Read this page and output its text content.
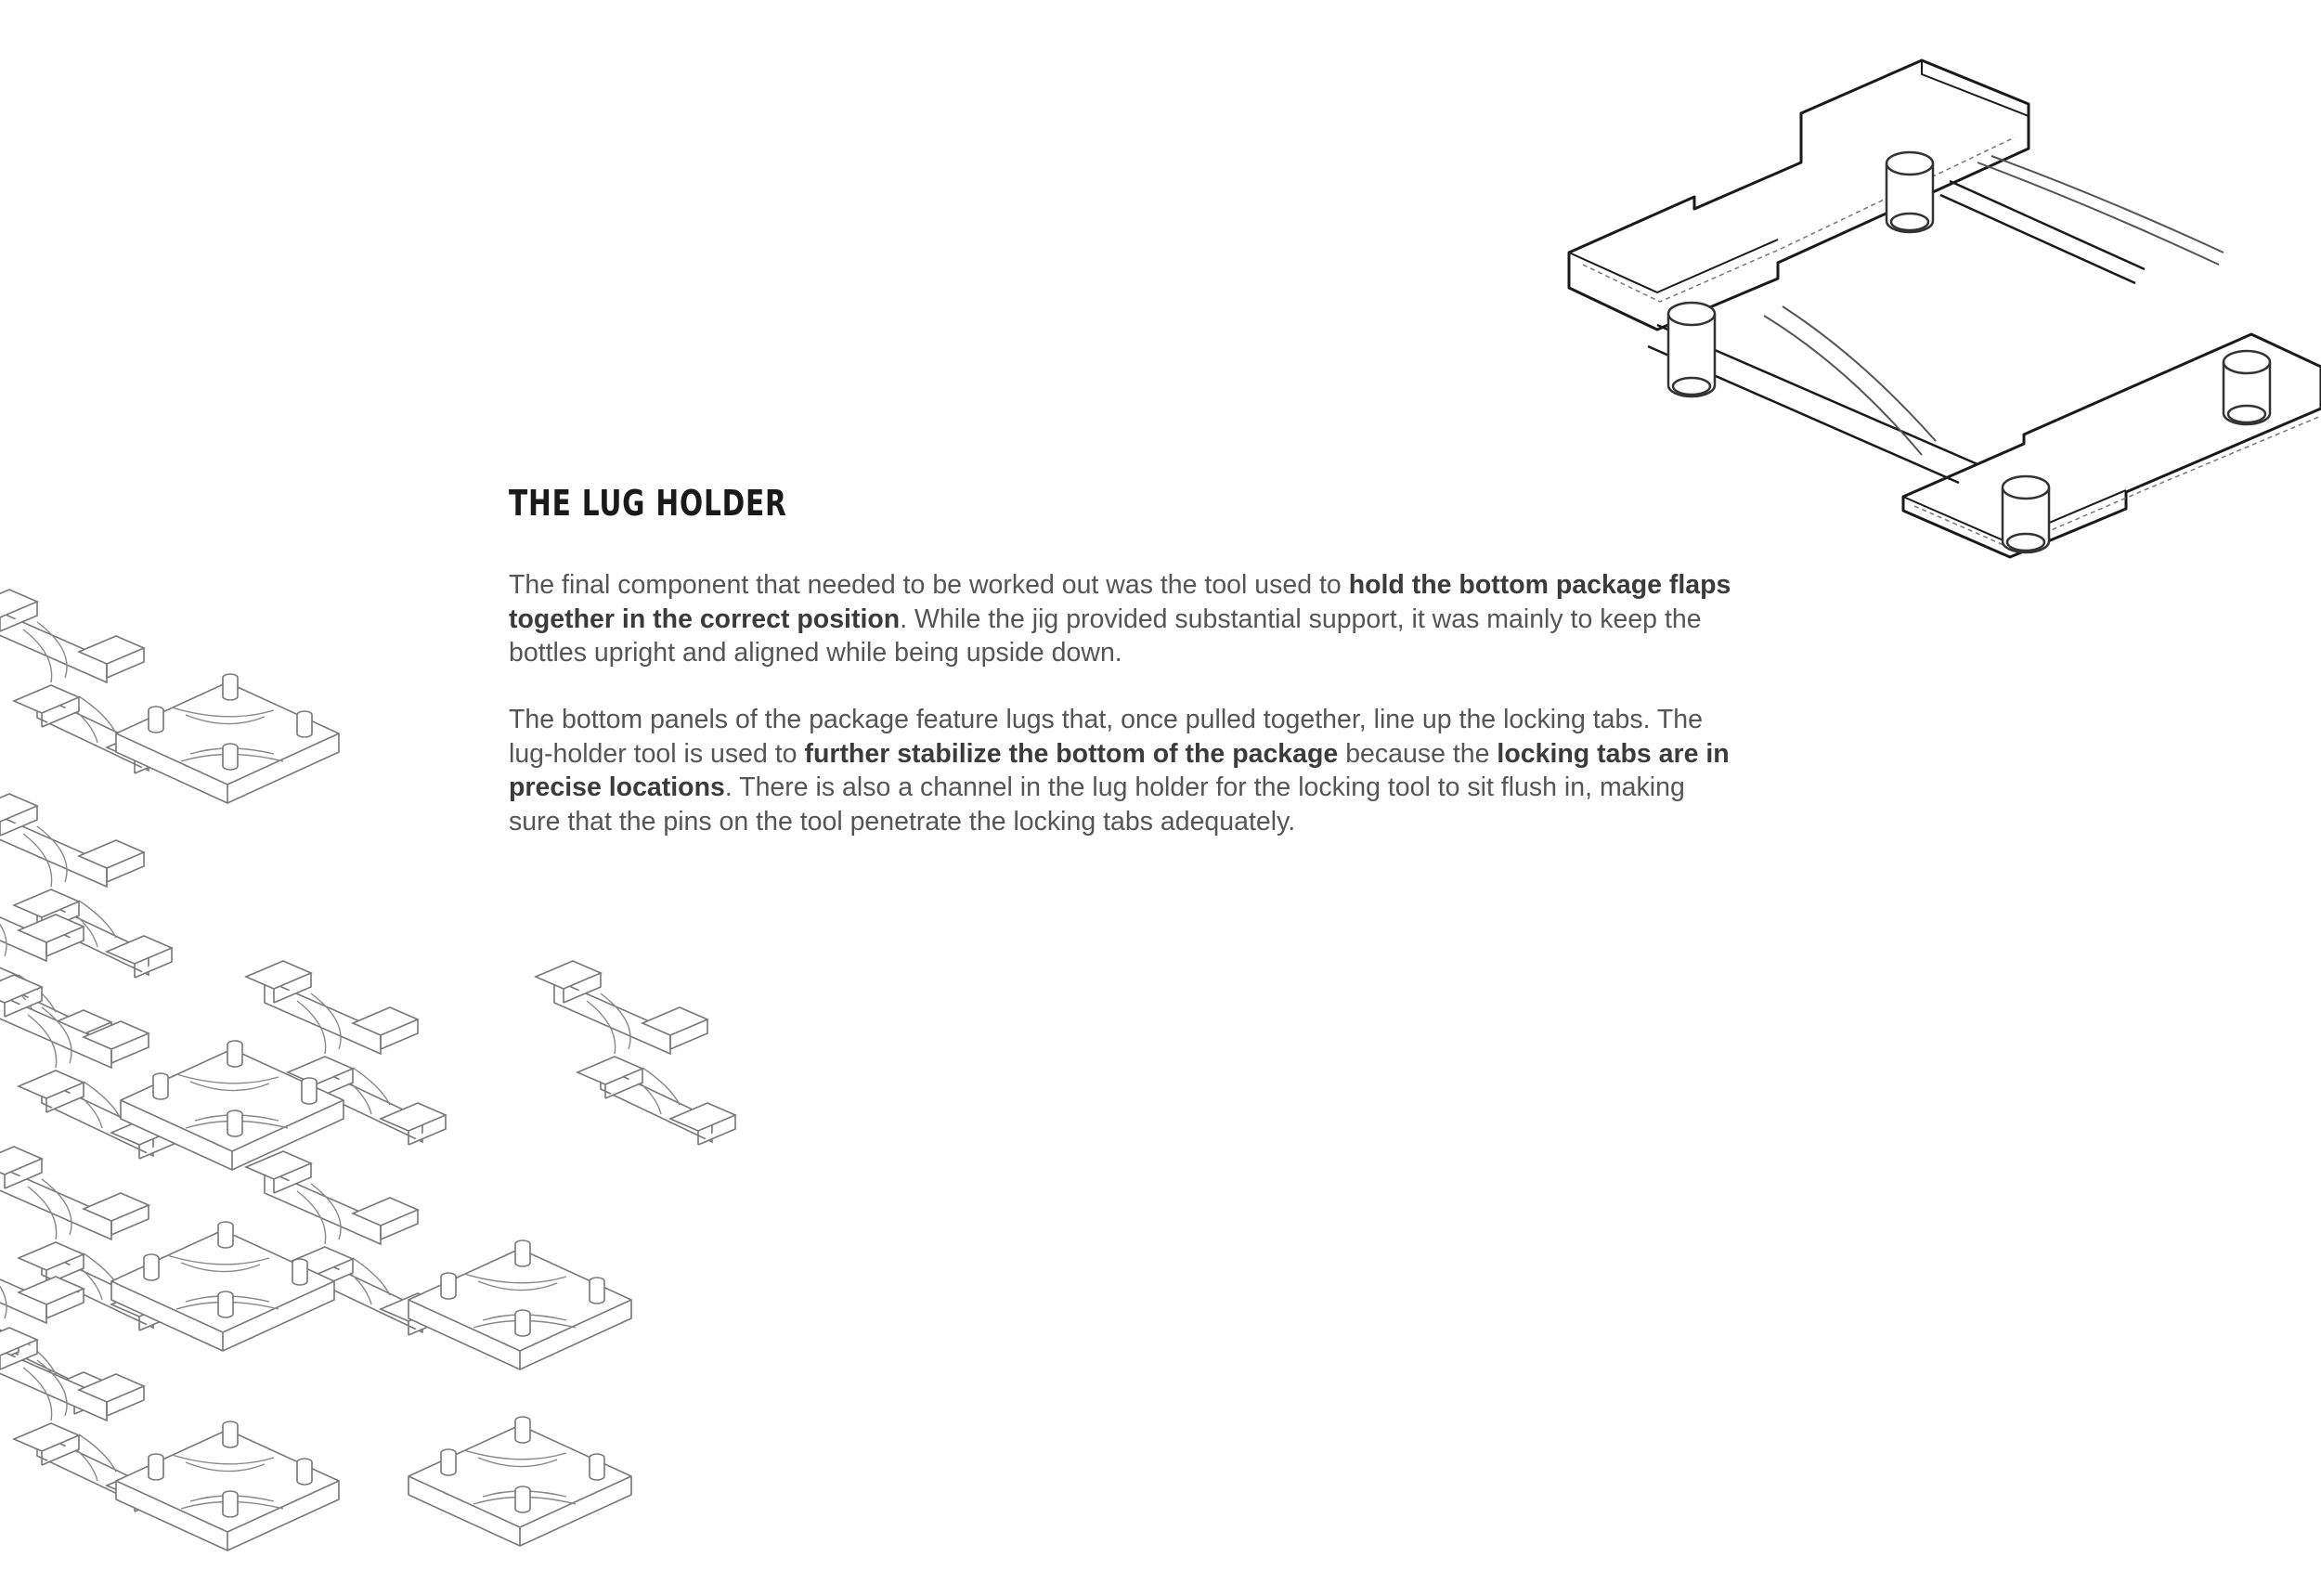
THE LUG HOLDER

The final component that needed to be worked out was the tool used to hold the bottom package flaps together in the correct position. While the jig provided substantial support, it was mainly to keep the bottles upright and aligned while being upside down.

The bottom panels of the package feature lugs that, once pulled together, line up the locking tabs. The lug-holder tool is used to further stabilize the bottom of the package because the locking tabs are in precise locations. There is also a channel in the lug holder for the locking tool to sit flush in, making sure that the pins on the tool penetrate the locking tabs adequately.
